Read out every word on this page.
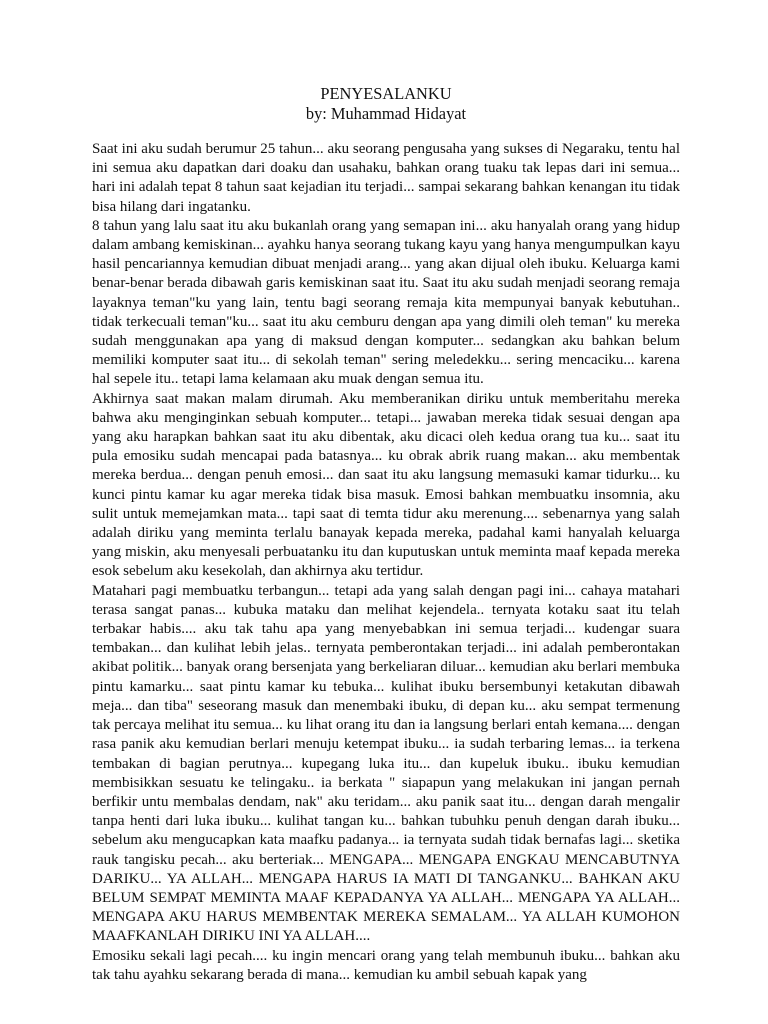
PENYESALANKU
by: Muhammad Hidayat

Saat ini aku sudah berumur 25 tahun... aku seorang pengusaha yang sukses di Negaraku, tentu hal ini semua aku dapatkan dari doaku dan usahaku, bahkan orang tuaku tak lepas dari ini semua... hari ini adalah tepat 8 tahun saat kejadian itu terjadi... sampai sekarang bahkan kenangan itu tidak bisa hilang dari ingatanku.

8 tahun yang lalu saat itu aku bukanlah orang yang semapan ini... aku hanyalah orang yang hidup dalam ambang kemiskinan... ayahku hanya seorang tukang kayu yang hanya mengumpulkan kayu hasil pencariannya kemudian dibuat menjadi arang... yang akan dijual oleh ibuku. Keluarga kami benar-benar berada dibawah garis kemiskinan saat itu. Saat itu aku sudah menjadi seorang remaja layaknya teman"ku yang lain, tentu bagi seorang remaja kita mempunyai banyak kebutuhan.. tidak terkecuali teman"ku... saat itu aku cemburu dengan apa yang dimili oleh teman" ku mereka sudah menggunakan apa yang di maksud dengan komputer... sedangkan aku bahkan belum memiliki komputer saat itu... di sekolah teman" sering meledekku... sering mencaciku... karena hal sepele itu.. tetapi lama kelamaan aku muak dengan semua itu.

Akhirnya saat makan malam dirumah. Aku memberanikan diriku untuk memberitahu mereka bahwa aku menginginkan sebuah komputer... tetapi... jawaban mereka tidak sesuai dengan apa yang aku harapkan bahkan saat itu aku dibentak, aku dicaci oleh kedua orang tua ku... saat itu pula emosiku sudah mencapai pada batasnya... ku obrak abrik ruang makan... aku membentak mereka berdua... dengan penuh emosi... dan saat itu aku langsung memasuki kamar tidurku... ku kunci pintu kamar ku agar mereka tidak bisa masuk. Emosi bahkan membuatku insomnia, aku sulit untuk memejamkan mata... tapi saat di temta tidur aku merenung.... sebenarnya yang salah adalah diriku yang meminta terlalu banayak kepada mereka, padahal kami hanyalah keluarga yang miskin, aku menyesali perbuatanku itu dan kuputuskan untuk meminta maaf kepada mereka esok sebelum aku kesekolah, dan akhirnya aku tertidur.

Matahari pagi membuatku terbangun... tetapi ada yang salah dengan pagi ini... cahaya matahari terasa sangat panas... kubuka mataku dan melihat kejendela.. ternyata kotaku saat itu telah terbakar habis.... aku tak tahu apa yang menyebabkan ini semua terjadi... kudengar suara tembakan... dan kulihat lebih jelas.. ternyata pemberontakan terjadi... ini adalah pemberontakan akibat politik... banyak orang bersenjata yang berkeliaran diluar... kemudian aku berlari membuka pintu kamarku... saat pintu kamar ku tebuka... kulihat ibuku bersembunyi ketakutan dibawah meja... dan tiba" seseorang masuk dan menembaki ibuku, di depan ku... aku sempat termenung tak percaya melihat itu semua... ku lihat orang itu dan ia langsung berlari entah kemana.... dengan rasa panik aku kemudian berlari menuju ketempat ibuku... ia sudah terbaring lemas... ia terkena tembakan di bagian perutnya... kupegang luka itu... dan kupeluk ibuku.. ibuku kemudian membisikkan sesuatu ke telingaku.. ia berkata " siapapun yang melakukan ini jangan pernah berfikir untu membalas dendam, nak" aku teridam... aku panik saat itu... dengan darah mengalir tanpa henti dari luka ibuku... kulihat tangan ku... bahkan tubuhku penuh dengan darah ibuku... sebelum aku mengucapkan kata maafku padanya... ia ternyata sudah tidak bernafas lagi... sketika rauk tangisku pecah... aku berteriak... MENGAPA... MENGAPA ENGKAU MENCABUTNYA DARIKU... YA ALLAH... MENGAPA HARUS IA MATI DI TANGANKU... BAHKAN AKU BELUM SEMPAT MEMINTA MAAF KEPADANYA YA ALLAH... MENGAPA YA ALLAH... MENGAPA AKU HARUS MEMBENTAK MEREKA SEMALAM... YA ALLAH KUMOHON MAAFKANLAH DIRIKU INI YA ALLAH....

Emosiku sekali lagi pecah.... ku ingin mencari orang yang telah membunuh ibuku... bahkan aku tak tahu ayahku sekarang berada di mana... kemudian ku ambil sebuah kapak yang
